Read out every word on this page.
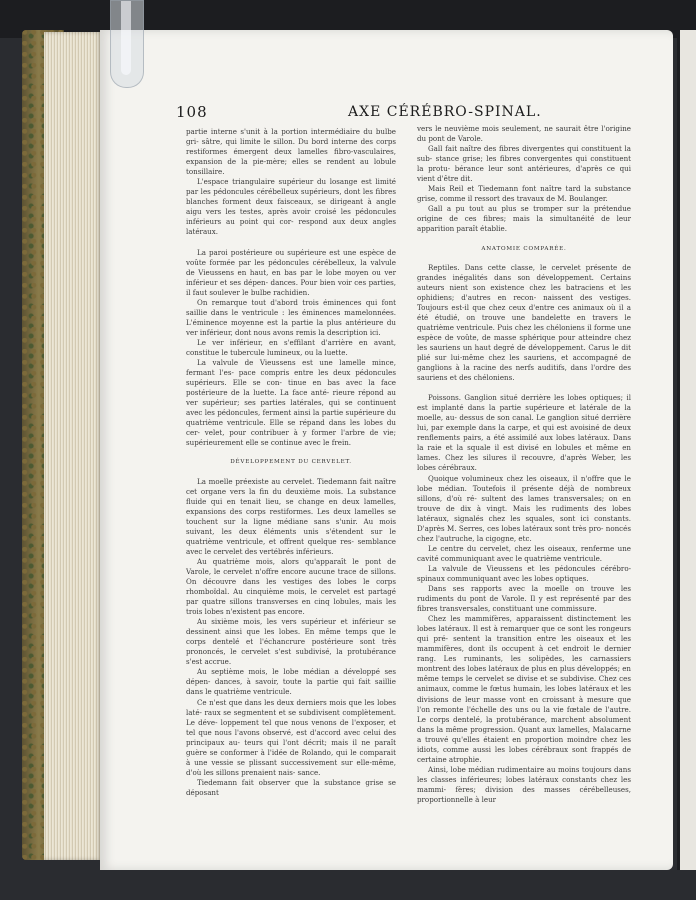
108	AXE CÉRÉBRO-SPINAL.

partie interne s'unit à la portion intermédiaire du bulbe gri- sâtre, qui limite le sillon. Du bord interne des corps restiformes émergent deux lamelles fibro-vasculaires, expansion de la pie-mère; elles se rendent au lobule tonsillaire.

L'espace triangulaire supérieur du losange est limité par les pédoncules cérébelleux supérieurs, dont les fibres blanches forment deux faisceaux, se dirigeant à angle aigu vers les testes, après avoir croisé les pédoncules inférieurs au point qui cor- respond aux deux angles latéraux.

La paroi postérieure ou supérieure est une espèce de voûte formée par les pédoncules cérébelleux, la valvule de Vieussens en haut, en bas par le lobe moyen ou ver inférieur et ses dépen- dances. Pour bien voir ces parties, il faut soulever le bulbe rachidien.

On remarque tout d'abord trois éminences qui font saillie dans le ventricule : les éminences mamelonnées. L'éminence moyenne est la partie la plus antérieure du ver inférieur, dont nous avons remis la description ici.

Le ver inférieur, en s'effilant d'arrière en avant, constitue le tubercule lumineux, ou la luette.

La valvule de Vieussens est une lamelle mince, fermant l'es- pace compris entre les deux pédoncules supérieurs. Elle se con- tinue en bas avec la face postérieure de la luette. La face anté- rieure répond au ver supérieur; ses parties latérales, qui se continuent avec les pédoncules, ferment ainsi la partie supérieure du quatrième ventricule. Elle se répand dans les lobes du cer- velet, pour contribuer à y former l'arbre de vie; supérieurement elle se continue avec le frein.

DÉVELOPPEMENT DU CERVELET.

La moelle préexiste au cervelet. Tiedemann fait naître cet organe vers la fin du deuxième mois. La substance fluide qui en tenait lieu, se change en deux lamelles, expansions des corps restiformes. Les deux lamelles se touchent sur la ligne médiane sans s'unir. Au mois suivant, les deux éléments unis s'étendent sur le quatrième ventricule, et offrent quelque res- semblance avec le cervelet des vertébrés inférieurs.

Au quatrième mois, alors qu'apparaît le pont de Varole, le cervelet n'offre encore aucune trace de sillons. On découvre dans les vestiges des lobes le corps rhomboïdal. Au cinquième mois, le cervelet est partagé par quatre sillons transverses en cinq lobules, mais les trois lobes n'existent pas encore.

Au sixième mois, les vers supérieur et inférieur se dessinent ainsi que les lobes. En même temps que le corps dentelé et l'échancrure postérieure sont très prononcés, le cervelet s'est subdivisé, la protubérance s'est accrue.

Au septième mois, le lobe médian a développé ses dépen- dances, à savoir, toute la partie qui fait saillie dans le quatrième ventricule.

Ce n'est que dans les deux derniers mois que les lobes laté- raux se segmentent et se subdivisent complètement. Le déve- loppement tel que nous venons de l'exposer, et tel que nous l'avons observé, est d'accord avec celui des principaux au- teurs qui l'ont décrit; mais il ne paraît guère se conformer à l'idée de Rolando, qui le comparait à une vessie se plissant successivement sur elle-même, d'où les sillons prenaient nais- sance.

Tiedemann fait observer que la substance grise se déposant

vers le neuvième mois seulement, ne saurait être l'origine du pont de Varole.

Gall fait naître des fibres divergentes qui constituent la sub- stance grise; les fibres convergentes qui constituent la protu- bérance leur sont antérieures, d'après ce qui vient d'être dit.

Mais Reil et Tiedemann font naître tard la substance grise, comme il ressort des travaux de M. Boulanger.

Gall a pu tout au plus se tromper sur la prétendue origine de ces fibres; mais la simultanéité de leur apparition paraît établie.

ANATOMIE COMPARÉE.

Reptiles. Dans cette classe, le cervelet présente de grandes inégalités dans son développement. Certains auteurs nient son existence chez les batraciens et les ophidiens; d'autres en recon- naissent des vestiges. Toujours est-il que chez ceux d'entre ces animaux où il a été étudié, on trouve une bandelette en travers le quatrième ventricule. Puis chez les chéloniens il forme une espèce de voûte, de masse sphérique pour atteindre chez les sauriens un haut degré de développement. Carus le dit plié sur lui-même chez les sauriens, et accompagné de ganglions à la racine des nerfs auditifs, dans l'ordre des sauriens et des chéloniens.

Poissons. Ganglion situé derrière les lobes optiques; il est implanté dans la partie supérieure et latérale de la moelle, au- dessus de son canal. Le ganglion situé derrière lui, par exemple dans la carpe, et qui est avoisiné de deux renflements pairs, a été assimilé aux lobes latéraux. Dans la raie et la squale il est divisé en lobules et même en lames. Chez les silures il recouvre, d'après Weber, les lobes cérébraux.

Quoique volumineux chez les oiseaux, il n'offre que le lobe médian. Toutefois il présente déjà de nombreux sillons, d'où ré- sultent des lames transversales; on en trouve de dix à vingt. Mais les rudiments des lobes latéraux, signalés chez les squales, sont ici constants. D'après M. Serres, ces lobes latéraux sont très pro- noncés chez l'autruche, la cigogne, etc.

Le centre du cervelet, chez les oiseaux, renferme une cavité communiquant avec le quatrième ventricule.

La valvule de Vieussens et les pédoncules cérébro-spinaux communiquant avec les lobes optiques.

Dans ses rapports avec la moelle on trouve les rudiments du pont de Varole. Il y est représenté par des fibres transversales, constituant une commissure.

Chez les mammifères, apparaissent distinctement les lobes latéraux. Il est à remarquer que ce sont les rongeurs qui pré- sentent la transition entre les oiseaux et les mammifères, dont ils occupent à cet endroit le dernier rang. Les ruminants, les solipèdes, les carnassiers montrent des lobes latéraux de plus en plus développés; en même temps le cervelet se divise et se subdivise. Chez ces animaux, comme le fœtus humain, les lobes latéraux et les divisions de leur masse vont en croissant à mesure que l'on remonte l'échelle des uns ou la vie fœtale de l'autre. Le corps dentelé, la protubérance, marchent absolument dans la même progression. Quant aux lamelles, Malacarne a trouvé qu'elles étaient en proportion moindre chez les idiots, comme aussi les lobes cérébraux sont frappés de certaine atrophie.

Ainsi, lobe médian rudimentaire au moins toujours dans les classes inférieures; lobes latéraux constants chez les mammi- fères; division des masses cérébelleuses, proportionnelle à leur
